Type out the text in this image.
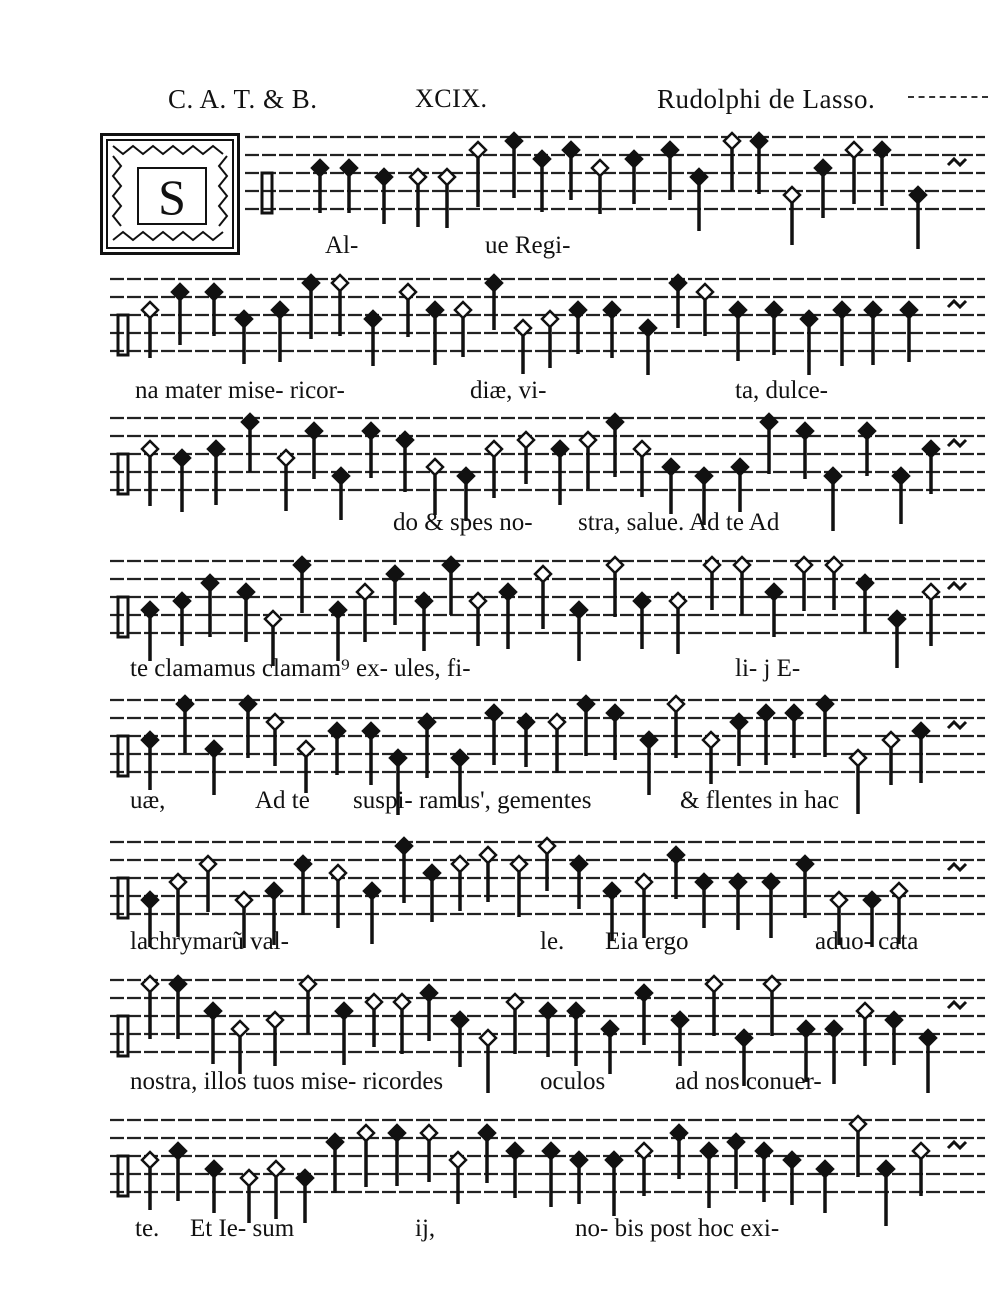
C. A. T. & B.	XCIX.	Rudolphi de Lasso.
S
Al-	ue Regi-
na mater mise- ricor-	diæ, vi-	ta, dulce-
do & spes no- stra, salue. Ad te Ad
te clamamus clamam⁹ ex- ules, fi-	li- j E-
uæ,	Ad te suspi- ramus', gementes	& flentes in hac
lachrymarũ val-	le. Eia ergo	aduo- cata
nostra, illos tuos mise- ricordes	oculos	ad nos conuer-
te. Et Ie- sum	ij,	no- bis post hoc exi-
